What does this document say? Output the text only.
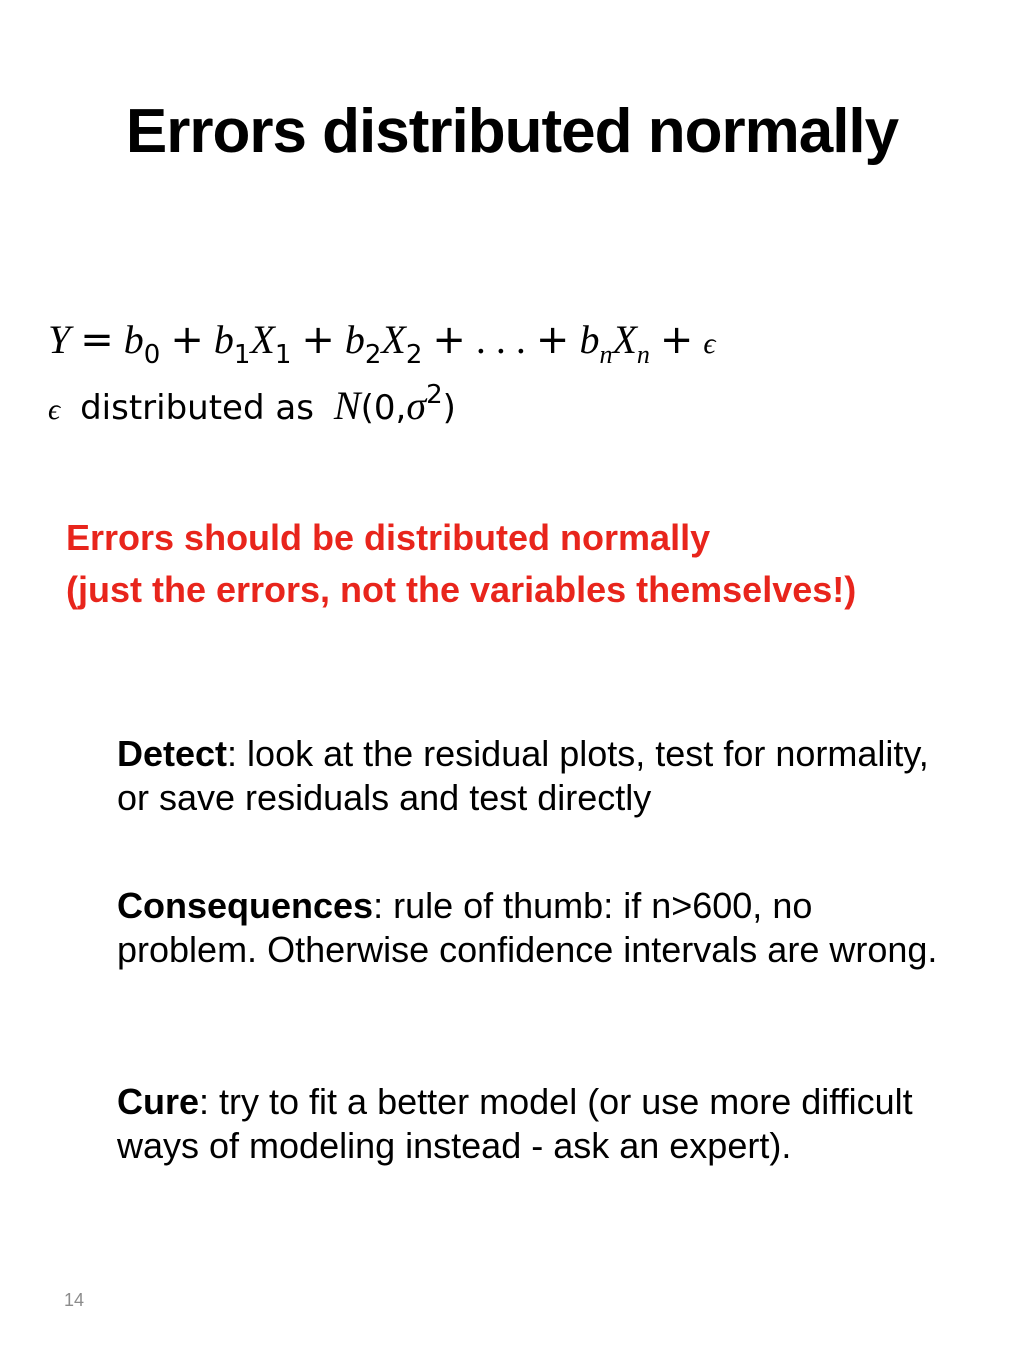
Errors distributed normally
$Y = b_0 + b_1X_1 + b_2X_2$ + . . . + $b_nX_n + \epsilon$
ϵ distributed as $N(0,\sigma^2)$
Errors should be distributed normally
(just the errors, not the variables themselves!)
Detect: look at the residual plots, test for normality, or save residuals and test directly
Consequences: rule of thumb: if n>600, no problem. Otherwise confidence intervals are wrong.
Cure: try to fit a better model (or use more difficult ways of modeling instead - ask an expert).
14
